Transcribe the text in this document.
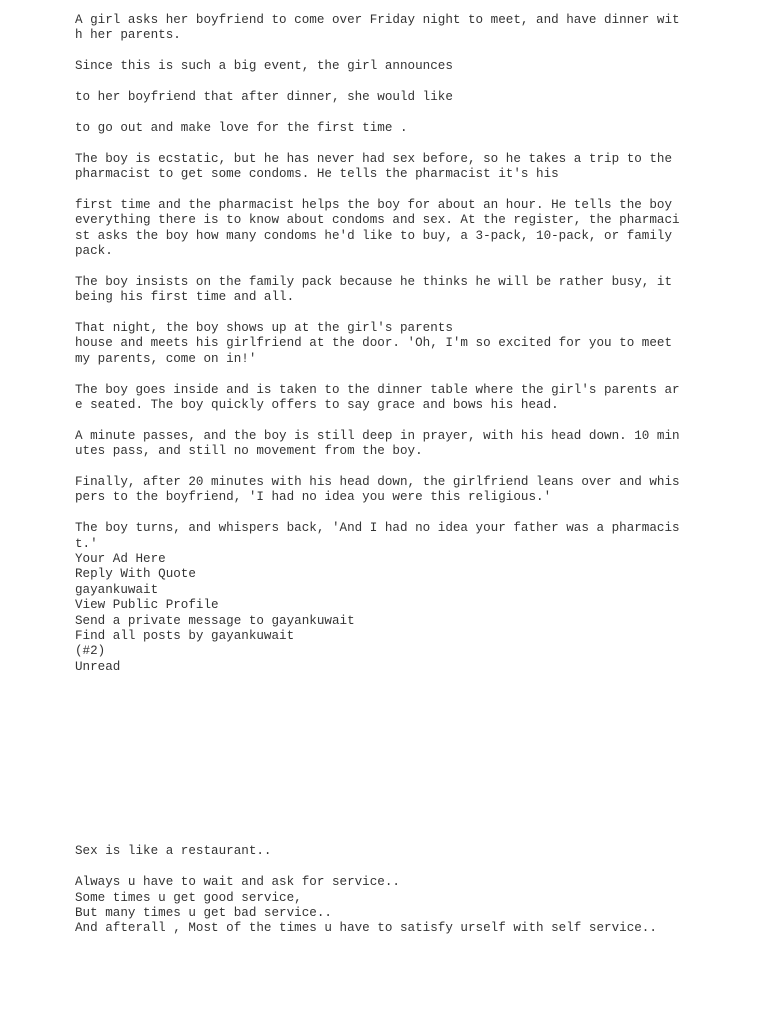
A girl asks her boyfriend to come over Friday night to meet, and have dinner wit
h her parents.

Since this is such a big event, the girl announces

to her boyfriend that after dinner, she would like

to go out and make love for the first time .

The boy is ecstatic, but he has never had sex before, so he takes a trip to the
pharmacist to get some condoms. He tells the pharmacist it's his

first time and the pharmacist helps the boy for about an hour. He tells the boy
everything there is to know about condoms and sex. At the register, the pharmaci
st asks the boy how many condoms he'd like to buy, a 3-pack, 10-pack, or family
pack.

The boy insists on the family pack because he thinks he will be rather busy, it
being his first time and all.

That night, the boy shows up at the girl's parents
house and meets his girlfriend at the door. 'Oh, I'm so excited for you to meet
my parents, come on in!'

The boy goes inside and is taken to the dinner table where the girl's parents ar
e seated. The boy quickly offers to say grace and bows his head.

A minute passes, and the boy is still deep in prayer, with his head down. 10 min
utes pass, and still no movement from the boy.

Finally, after 20 minutes with his head down, the girlfriend leans over and whis
pers to the boyfriend, 'I had no idea you were this religious.'

The boy turns, and whispers back, 'And I had no idea your father was a pharmacis
t.'

Your Ad Here
Reply With Quote
gayankuwait
View Public Profile
Send a private message to gayankuwait
Find all posts by gayankuwait
(#2)
Unread
Sex is like a restaurant..
Always u have to wait and ask for service..
Some times u get good service,
But many times u get bad service..
And afterall , Most of the times u have to satisfy urself with self service..
